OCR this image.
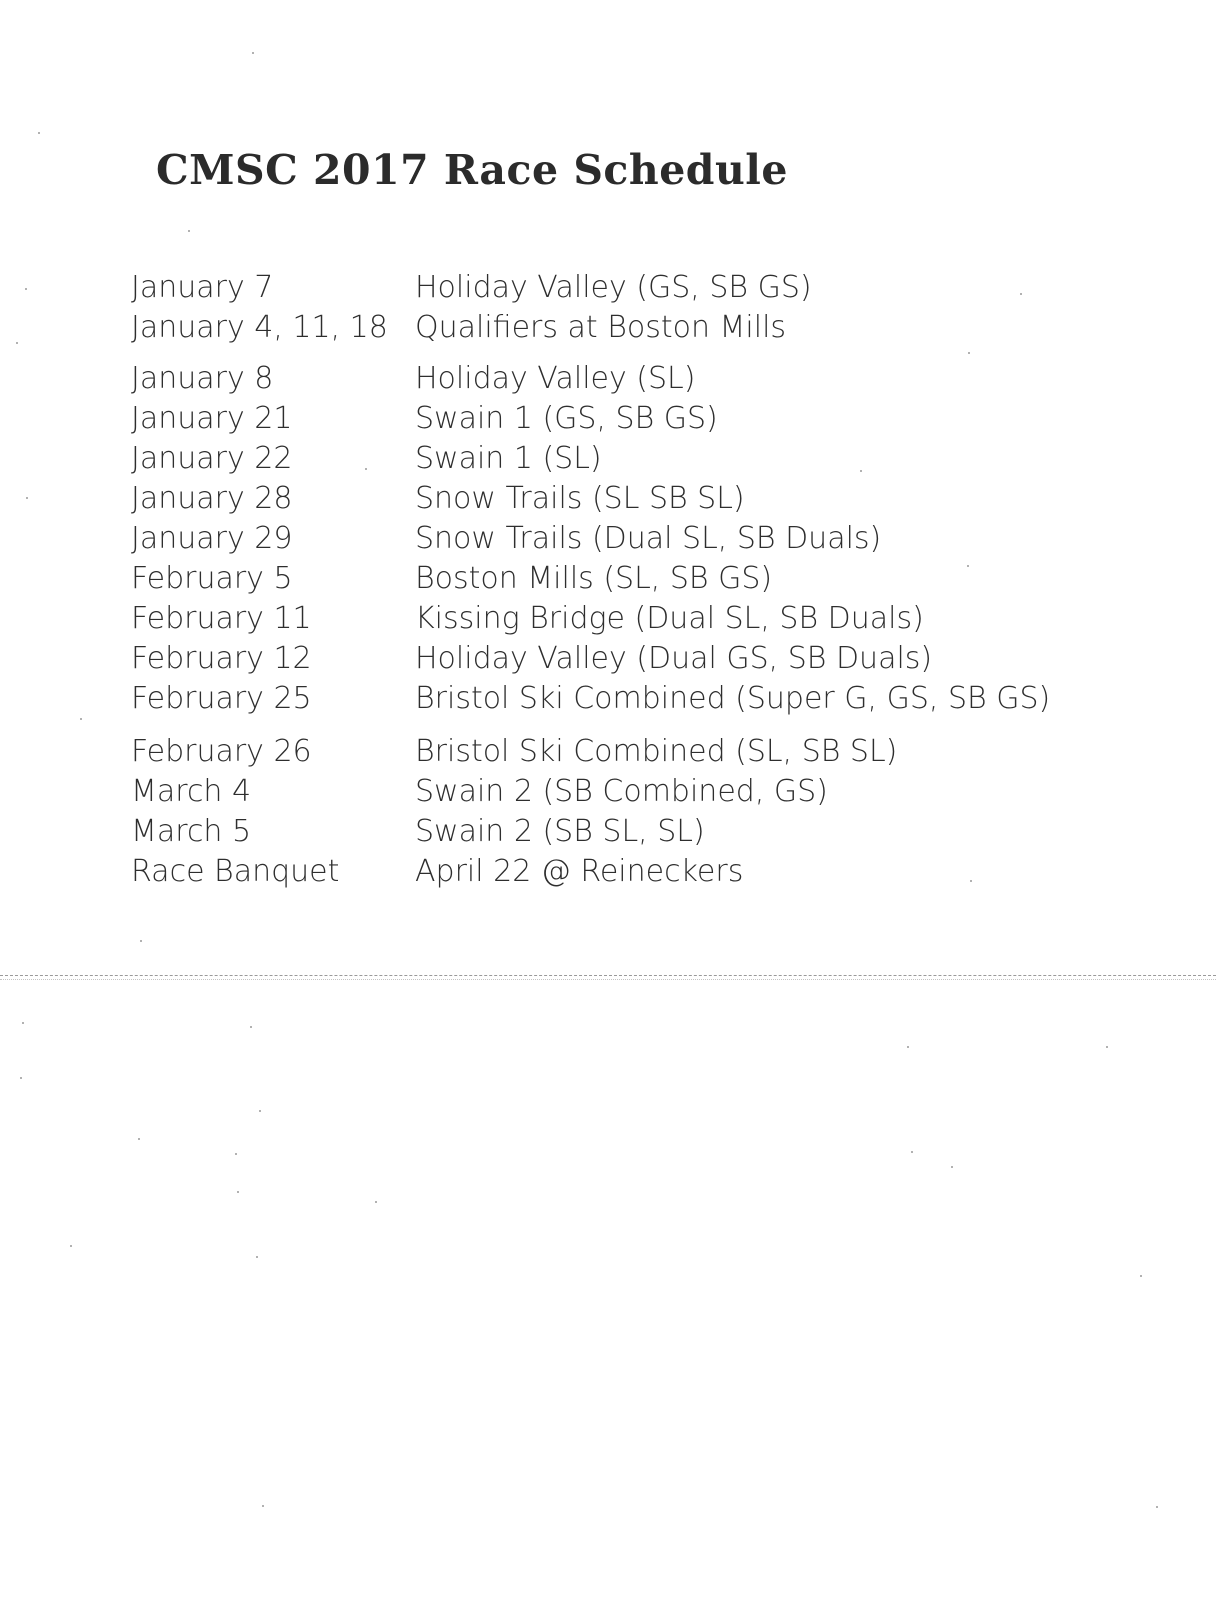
CMSC 2017 Race Schedule
January 7	Holiday Valley (GS, SB GS)
January 4, 11, 18 Qualifiers at Boston Mills
January 8	Holiday Valley (SL)
January 21	Swain 1 (GS, SB GS)
January 22	Swain 1 (SL)
January 28	Snow Trails (SL SB SL)
January 29	Snow Trails (Dual SL, SB Duals)
February 5	Boston Mills (SL, SB GS)
February 11	Kissing Bridge (Dual SL, SB Duals)
February 12	Holiday Valley (Dual GS, SB Duals)
February 25	Bristol Ski Combined (Super G, GS, SB GS)
February 26	Bristol Ski Combined (SL, SB SL)
March 4	Swain 2 (SB Combined, GS)
March 5	Swain 2 (SB SL, SL)
Race Banquet	April 22 @ Reineckers
